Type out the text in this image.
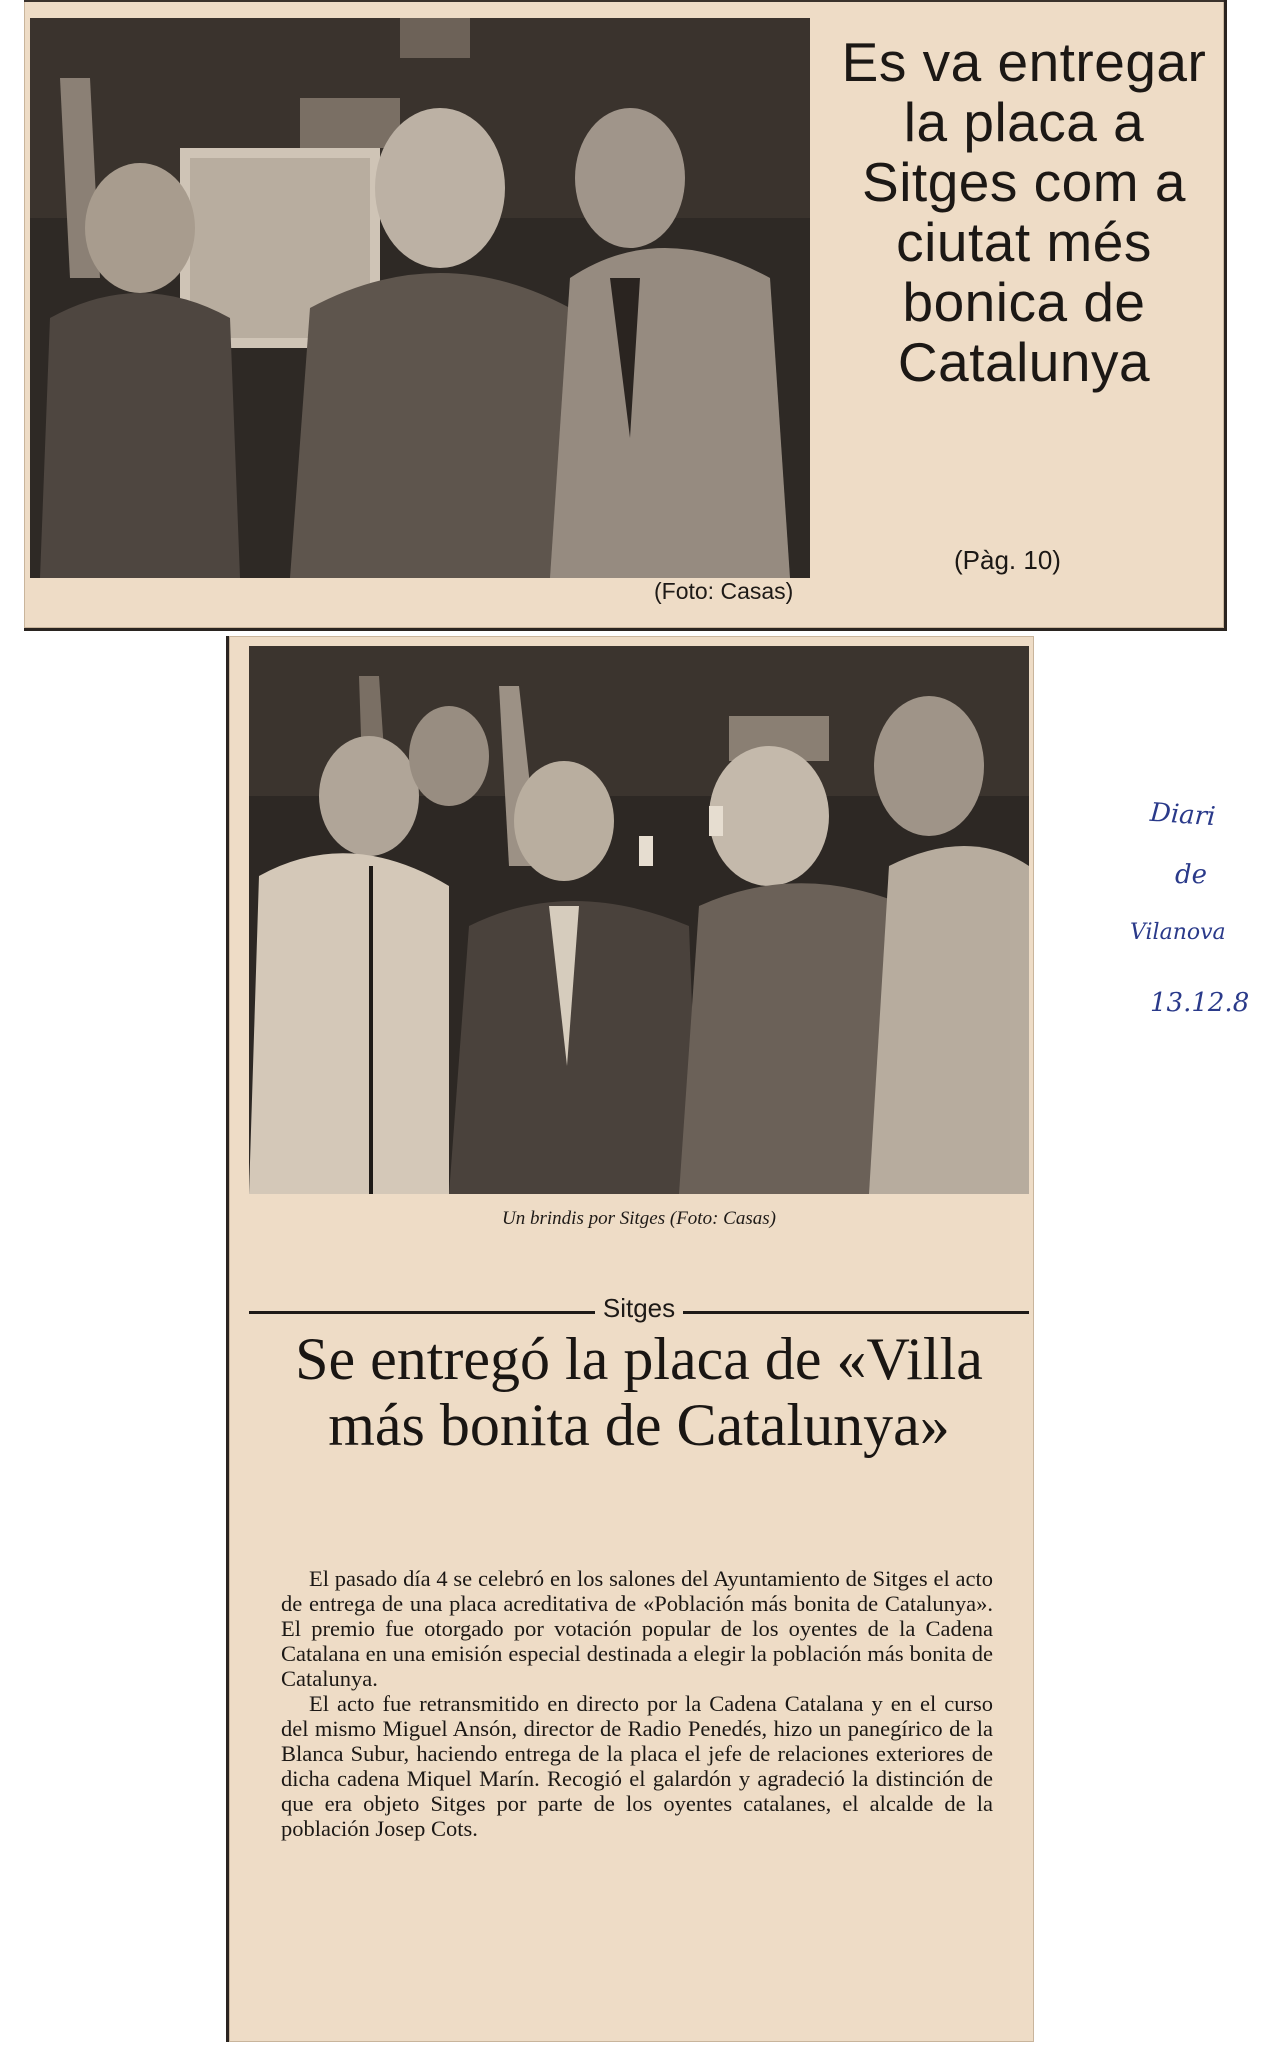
(Foto: Casas)
Es va entregar la placa a Sitges com a ciutat més bonica de Catalunya
(Pàg. 10)
Un brindis por Sitges (Foto: Casas)
Sitges
Se entregó la placa de «Villa más bonita de Catalunya»

El pasado día 4 se celebró en los salones del Ayuntamiento de Sitges el acto de entrega de una placa acreditativa de «Población más bonita de Catalunya». El premio fue otorgado por votación popular de los oyentes de la Cadena Catalana en una emisión especial destinada a elegir la población más bonita de Catalunya.

El acto fue retransmitido en directo por la Cadena Catalana y en el curso del mismo Miguel Ansón, director de Radio Penedés, hizo un panegírico de la Blanca Subur, haciendo entrega de la placa el jefe de relaciones exteriores de dicha cadena Miquel Marín. Recogió el galardón y agradeció la distinción de que era objeto Sitges por parte de los oyentes catalanes, el alcalde de la población Josep Cots.

Diari
de
Vilanova
13.12.8
